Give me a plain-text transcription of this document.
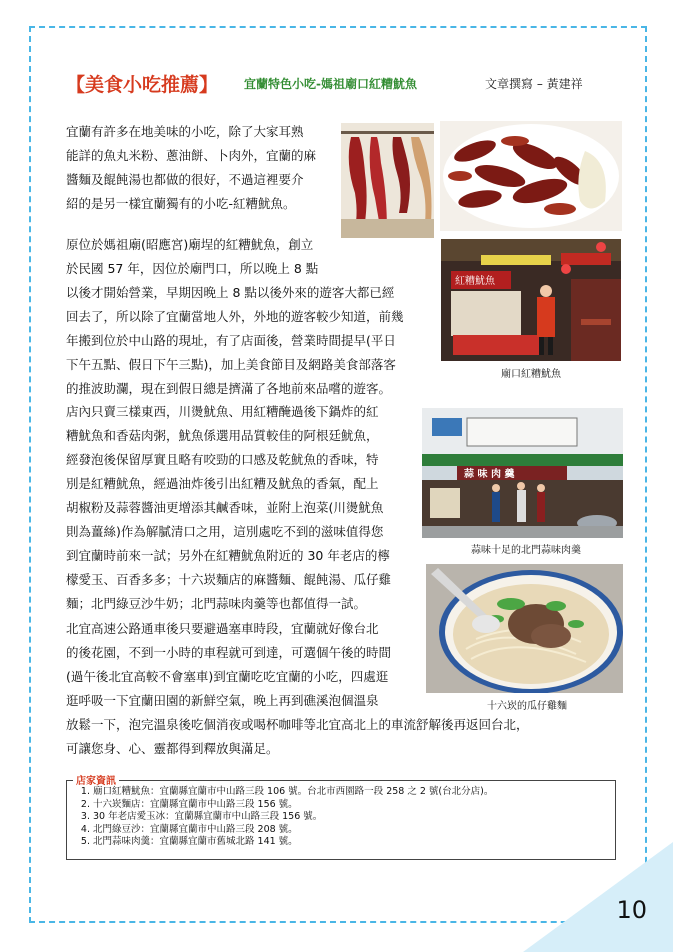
【美食小吃推薦】 宜蘭特色小吃-媽祖廟口紅糟魷魚	文章撰寫 – 黃建祥
宜蘭有許多在地美味的小吃，除了大家耳熟
能詳的魚丸米粉、蔥油餅、卜肉外，宜蘭的麻
醬麵及餛飩湯也都做的很好，不過這裡要介
紹的是另一樣宜蘭獨有的小吃-紅糟魷魚。
原位於媽祖廟(昭應宮)廟埕的紅糟魷魚，創立
於民國 57 年，因位於廟門口，所以晚上 8 點
以後才開始營業，早期因晚上 8 點以後外來的遊客大都已經
回去了，所以除了宜蘭當地人外，外地的遊客較少知道，前幾
年搬到位於中山路的現址，有了店面後，營業時間提早(平日
下午五點、假日下午三點)，加上美食節目及網路美食部落客
的推波助瀾，現在到假日總是擠滿了各地前來品嚐的遊客。
店內只賣三樣東西，川燙魷魚、用紅糟醃過後下鍋炸的紅
糟魷魚和香菇肉粥，魷魚係選用品質較佳的阿根廷魷魚，
經發泡後保留厚實且略有咬勁的口感及乾魷魚的香味，特
別是紅糟魷魚，經過油炸後引出紅糟及魷魚的香氣，配上
胡椒粉及蒜蓉醬油更增添其鹹香味，並附上泡菜(川燙魷魚
則為薑絲)作為解膩清口之用，這別處吃不到的滋味值得您
到宜蘭時前來一試；另外在紅糟魷魚附近的 30 年老店的檸
檬愛玉、百香多多；十六崁麵店的麻醬麵、餛飩湯、瓜仔雞
麵；北門綠豆沙牛奶；北門蒜味肉羹等也都值得一試。
北宜高速公路通車後只要避過塞車時段，宜蘭就好像台北
的後花園，不到一小時的車程就可到達，可選個午後的時間
(過午後北宜高較不會塞車)到宜蘭吃吃宜蘭的小吃，四處逛
逛呼吸一下宜蘭田園的新鮮空氣，晚上再到礁溪泡個溫泉
放鬆一下，泡完溫泉後吃個消夜或喝杯咖啡等北宜高北上的車流舒解後再返回台北，
可讓您身、心、靈都得到釋放與滿足。
紅糟魷魚
廟口紅糟魷魚
蒜 味 肉 羹
蒜味十足的北門蒜味肉羹
十六崁的瓜仔雞麵
店家資訊
1. 廟口紅糟魷魚：宜蘭縣宜蘭市中山路三段 106 號。台北市西園路一段 258 之 2 號(台北分店)。
2. 十六崁麵店：宜蘭縣宜蘭市中山路三段 156 號。
3. 30 年老店愛玉冰：宜蘭縣宜蘭市中山路三段 156 號。
4. 北門綠豆沙：宜蘭縣宜蘭市中山路三段 208 號。
5. 北門蒜味肉羹：宜蘭縣宜蘭市舊城北路 141 號。
10
